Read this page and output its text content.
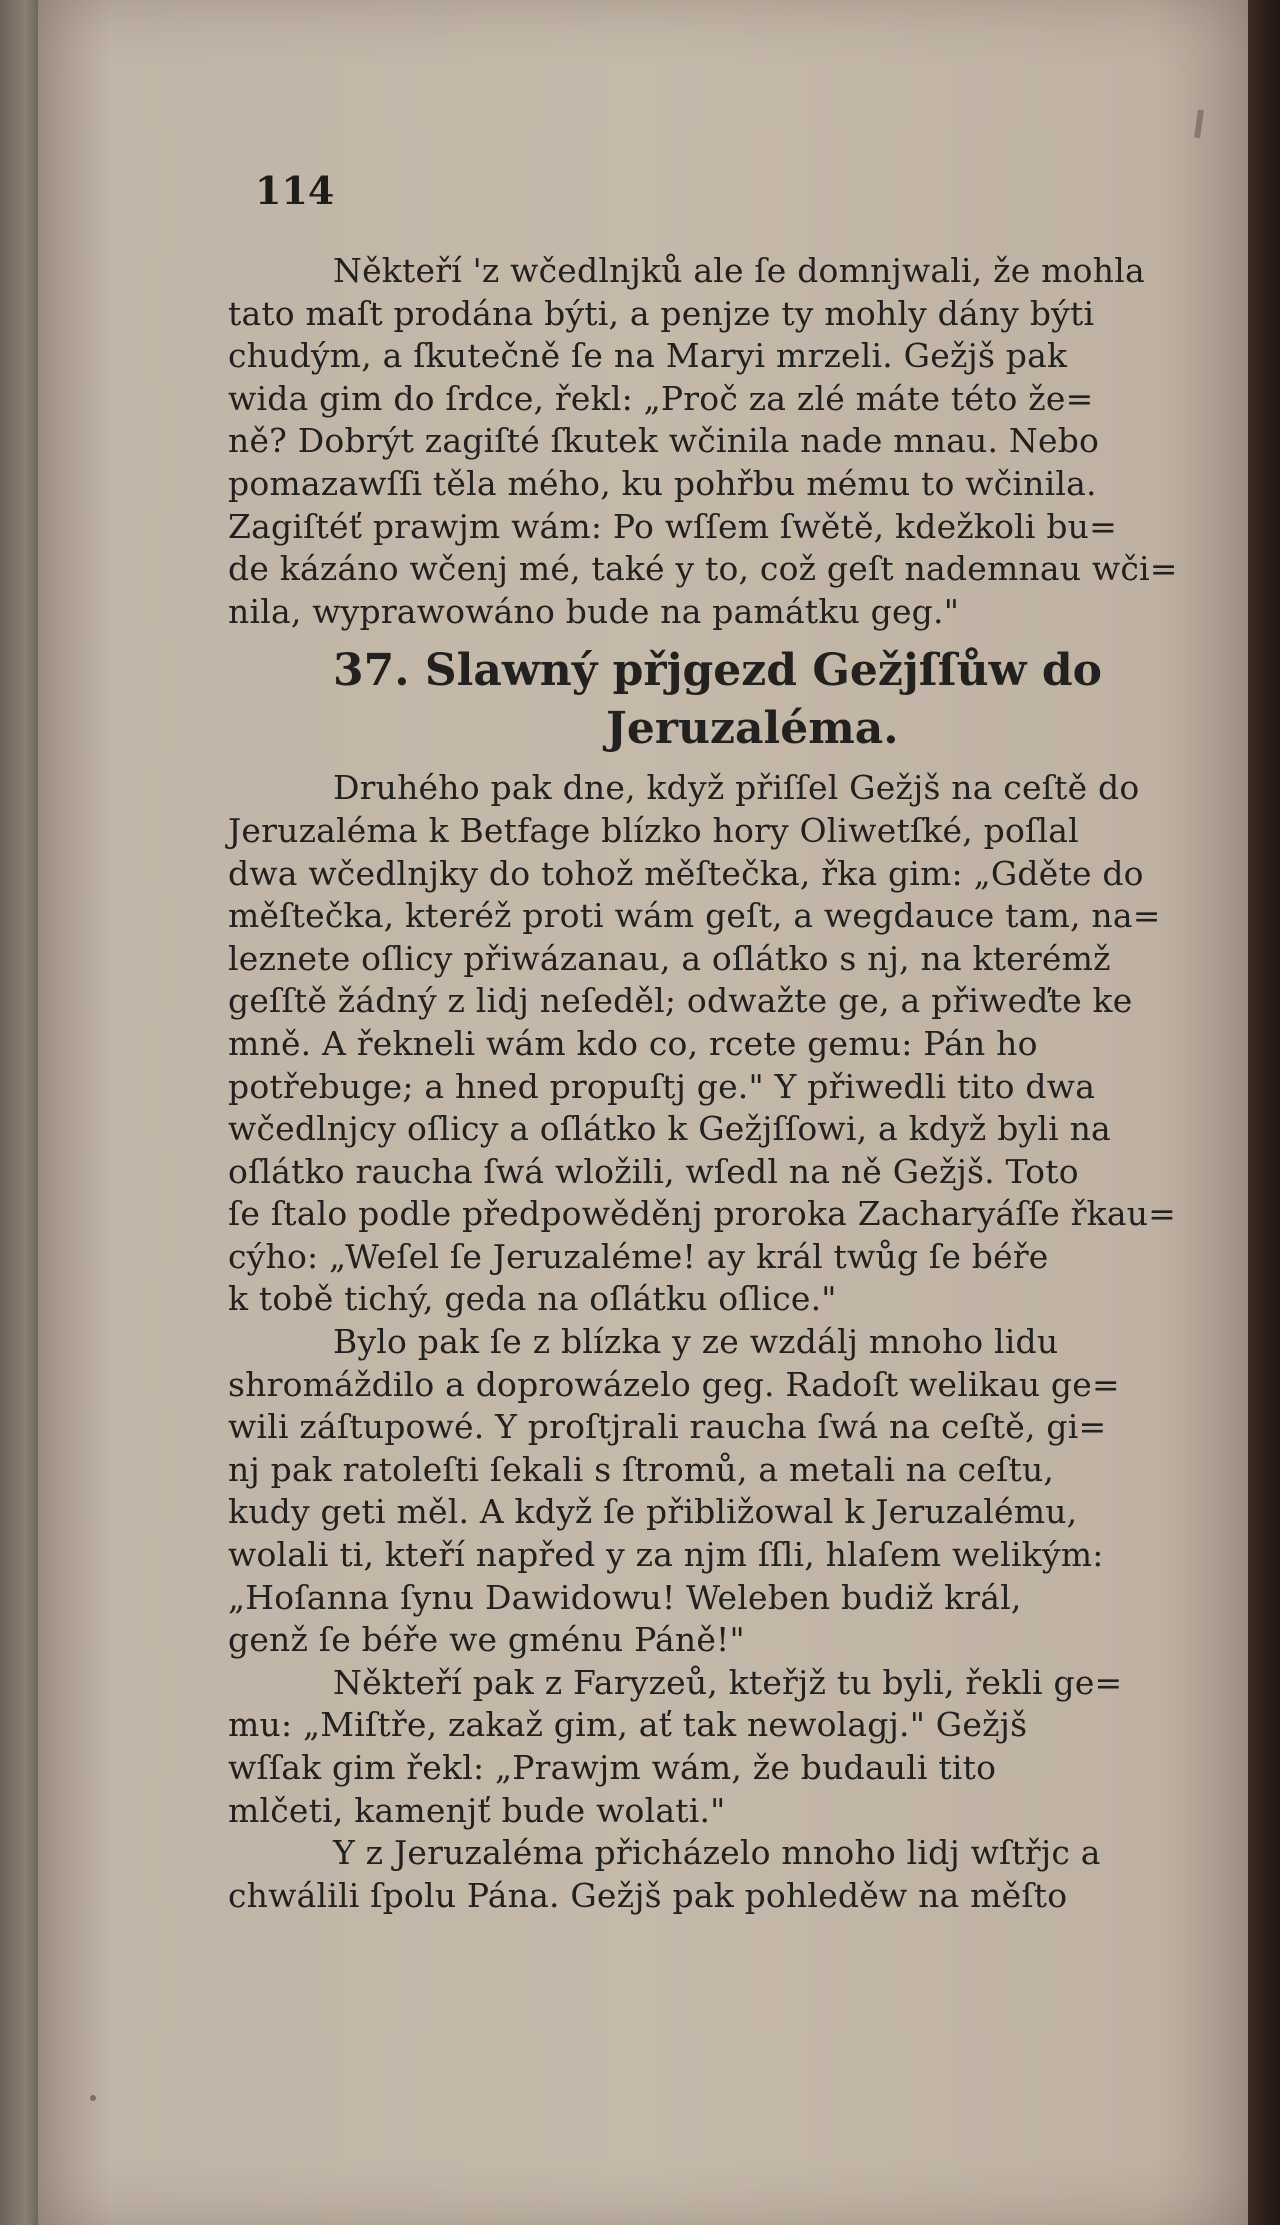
114
Někteří 'z wčedlnjků ale ſe domnjwali, že mohla
tato maſt prodána býti, a penjze ty mohly dány býti
chudým, a ſkutečně ſe na Maryi mrzeli. Gežjš pak
wida gim do ſrdce, řekl: „Proč za zlé máte této že=
ně? Dobrýt zagiſté ſkutek wčinila nade mnau. Nebo
pomazawſſi těla mého, ku pohřbu mému to wčinila.
Zagiſtéť prawjm wám: Po wſſem ſwětě, kdežkoli bu=
de kázáno wčenj mé, také y to, což geſt nademnau wči=
nila, wyprawowáno bude na památku geg."
37. Slawný přjgezd Gežjſſůw do
Jeruzaléma.
Druhého pak dne, když přiſſel Gežjš na ceſtě do
Jeruzaléma k Betfage blízko hory Oliwetſké, poſlal
dwa wčedlnjky do tohož měſtečka, řka gim: „Gděte do
měſtečka, kteréž proti wám geſt, a wegdauce tam, na=
leznete oſlicy přiwázanau, a oſlátko s nj, na kterémž
geſſtě žádný z lidj neſeděl; odwažte ge, a přiweďte ke
mně. A řekneli wám kdo co, rcete gemu: Pán ho
potřebuge; a hned propuſtj ge." Y přiwedli tito dwa
wčedlnjcy oſlicy a oſlátko k Gežjſſowi, a když byli na
oſlátko raucha ſwá wložili, wſedl na ně Gežjš. Toto
ſe ſtalo podle předpowěděnj proroka Zacharyáſſe řkau=
cýho: „Weſel ſe Jeruzaléme! ay král twůg ſe béře
k tobě tichý, geda na oſlátku oſlice."
Bylo pak ſe z blízka y ze wzdálj mnoho lidu
shromáždilo a doprowázelo geg. Radoſt welikau ge=
wili záſtupowé. Y proſtjrali raucha ſwá na ceſtě, gi=
nj pak ratoleſti ſekali s ſtromů, a metali na ceſtu,
kudy geti měl. A když ſe přibližowal k Jeruzalému,
wolali ti, kteří napřed y za njm ſſli, hlaſem welikým:
„Hoſanna ſynu Dawidowu! Weleben budiž král,
genž ſe béře we gménu Páně!"
Někteří pak z Faryzeů, kteřjž tu byli, řekli ge=
mu: „Miſtře, zakaž gim, ať tak newolagj." Gežjš
wſſak gim řekl: „Prawjm wám, že budauli tito
mlčeti, kamenjť bude wolati."
Y z Jeruzaléma přicházelo mnoho lidj wſtřjc a
chwálili ſpolu Pána. Gežjš pak pohleděw na měſto
